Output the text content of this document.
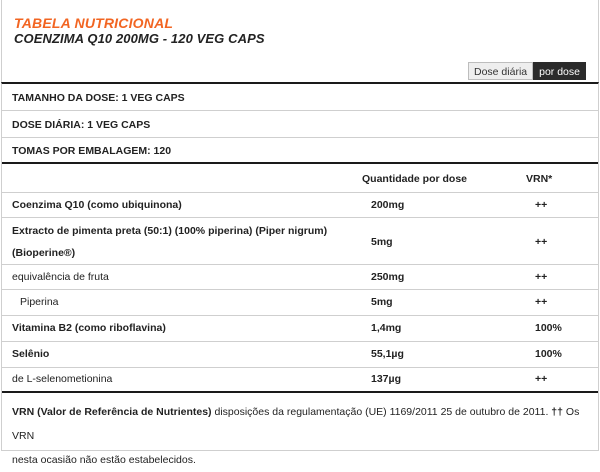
TABELA NUTRICIONAL
COENZIMA Q10 200MG - 120 VEG CAPS
Dose diária	por dose
TAMANHO DA DOSE: 1 VEG CAPS
DOSE DIÁRIA: 1 VEG CAPS
TOMAS POR EMBALAGEM: 120
Quantidade por dose	VRN*
Coenzima Q10 (como ubiquinona)	200mg	++
Extracto de pimenta preta (50:1) (100% piperina) (Piper nigrum)
(Bioperine®)
5mg	++
equivalência de fruta	250mg	++
Piperina	5mg	++
Vitamina B2 (como riboflavina)	1,4mg	100%
Selênio	55,1µg	100%
de L-selenometionina	137µg	++
VRN (Valor de Referência de Nutrientes) disposições da regulamentação (UE) 1169/2011 25 de outubro de 2011. †† Os VRN
nesta ocasião não estão estabelecidos.
